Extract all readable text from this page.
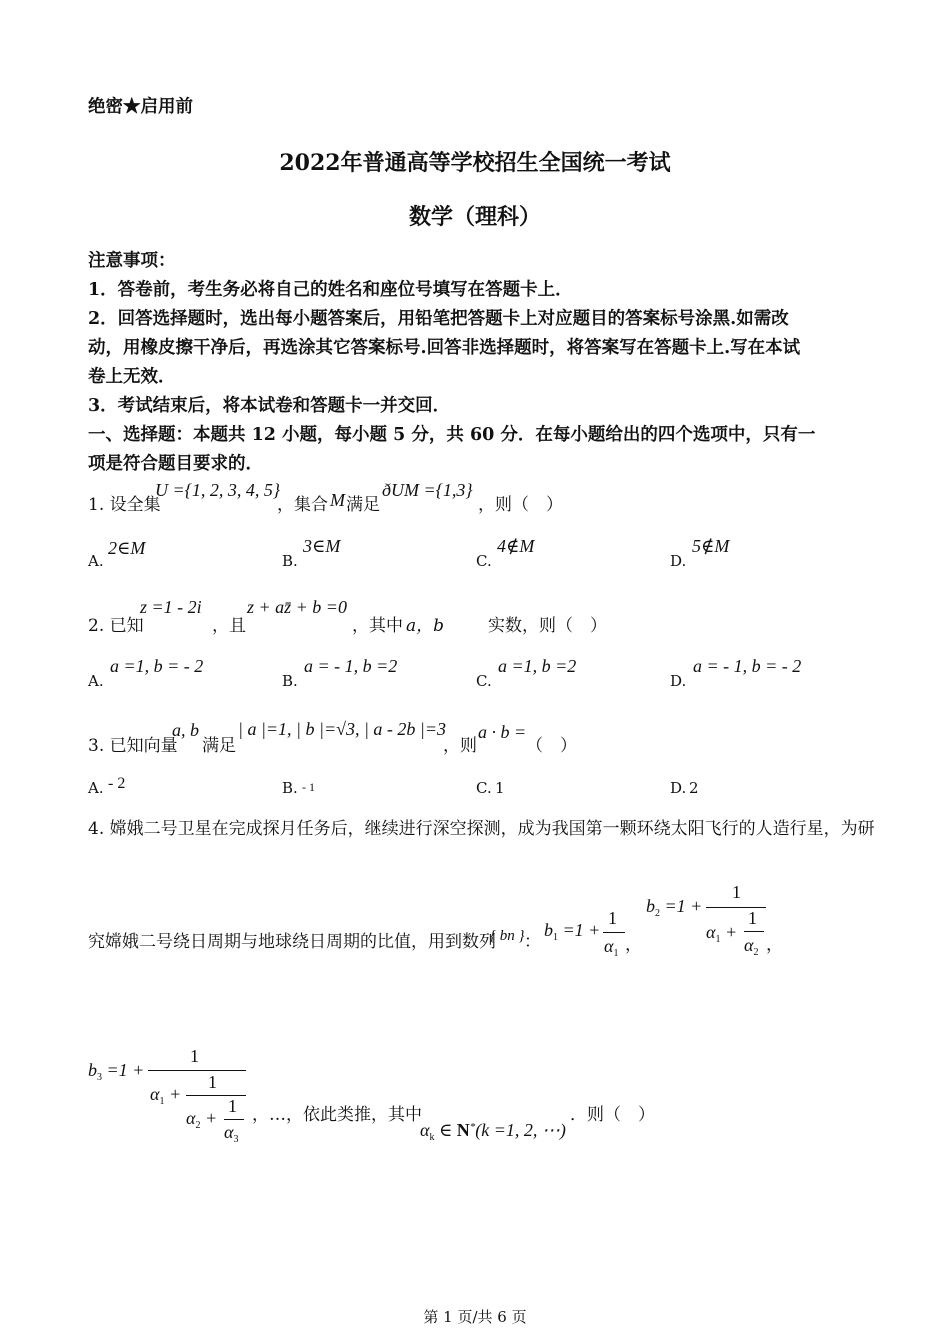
绝密★启用前
2022年普通高等学校招生全国统一考试
数学（理科）
注意事项：
1．答卷前，考生务必将自己的姓名和座位号填写在答题卡上．
2．回答选择题时，选出每小题答案后，用铅笔把答题卡上对应题目的答案标号涂黑.如需改
动，用橡皮擦干净后，再选涂其它答案标号.回答非选择题时，将答案写在答题卡上.写在本试
卷上无效．
3．考试结束后，将本试卷和答题卡一并交回．
一、选择题：本题共 12 小题，每小题 5 分，共 60 分．在每小题给出的四个选项中，只有一
项是符合题目要求的．
1. 设全集
U ={1, 2, 3, 4, 5}
，集合 M 满足
ðUM ={1,3}
，则（　）
A.
2∈M
B.
3∈M
C.
4∉M
D.
5∉M
2. 已知
z =1 - 2i
，且
z + az̄ + b =0
，其中 a，b	实数，则（　）
A.
a =1, b = - 2
B.
a = - 1, b =2
C.
a =1, b =2
D.
a = - 1, b = - 2
3. 已知向量
a, b
满足
| a |=1, | b |=√3, | a - 2b |=3
，则
a · b =
（　）
A. - 2	B. - 1	C. 1	D. 2
4. 嫦娥二号卫星在完成探月任务后，继续进行深空探测，成为我国第一颗环绕太阳飞行的人造行星，为研
究嫦娥二号绕日周期与地球绕日周期的比值，用到数列
{ bn } ：
$b_1 =1$ +
1
$\alpha_1$ ，
$b_2 =1$ +
1
$\alpha_1$ +
1
$\alpha_2$ ，
$b_3 =1$ +
1
$\alpha_1$ +
1
$\alpha_2$ +
1
$\alpha_3$
，…，依此类推，其中
$\alpha_k$ ∈ N*(k =1, 2, ⋯)
．则（　）
第 1 页/共 6 页
